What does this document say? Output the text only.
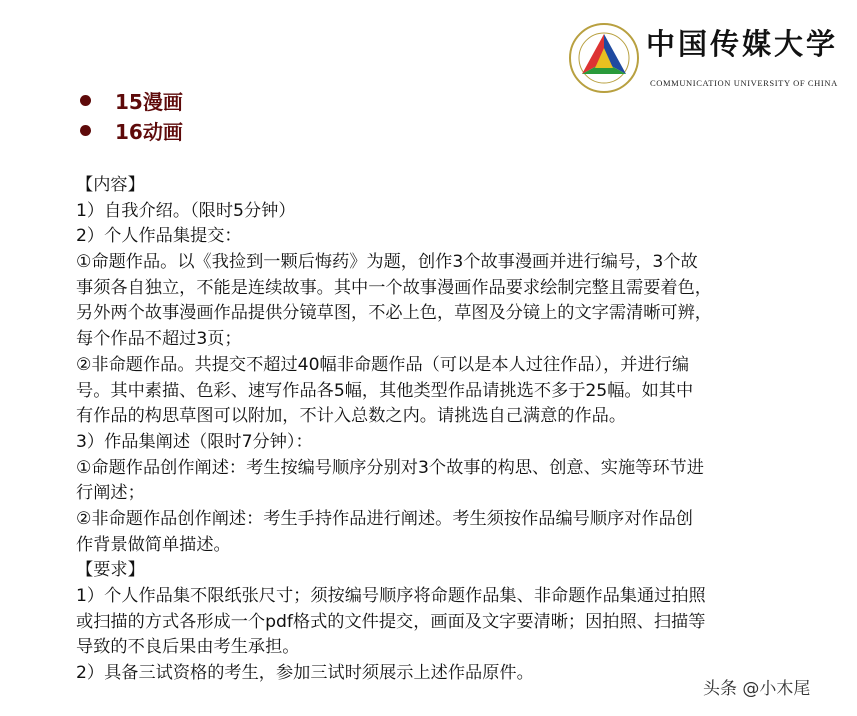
中国传媒大学
COMMUNICATION UNIVERSITY OF CHINA
15漫画
16动画
【内容】
1）自我介绍。（限时5分钟）
2）个人作品集提交：
①命题作品。以《我捡到一颗后悔药》为题，创作3个故事漫画并进行编号，3个故
事须各自独立，不能是连续故事。其中一个故事漫画作品要求绘制完整且需要着色，
另外两个故事漫画作品提供分镜草图，不必上色，草图及分镜上的文字需清晰可辨，
每个作品不超过3页；
②非命题作品。共提交不超过40幅非命题作品（可以是本人过往作品），并进行编
号。其中素描、色彩、速写作品各5幅，其他类型作品请挑选不多于25幅。如其中
有作品的构思草图可以附加，不计入总数之内。请挑选自己满意的作品。
3）作品集阐述（限时7分钟）：
①命题作品创作阐述：考生按编号顺序分别对3个故事的构思、创意、实施等环节进
行阐述；
②非命题作品创作阐述：考生手持作品进行阐述。考生须按作品编号顺序对作品创
作背景做简单描述。
【要求】
1）个人作品集不限纸张尺寸；须按编号顺序将命题作品集、非命题作品集通过拍照
或扫描的方式各形成一个pdf格式的文件提交，画面及文字要清晰；因拍照、扫描等
导致的不良后果由考生承担。
2）具备三试资格的考生，参加三试时须展示上述作品原件。
头条 @小木尾
